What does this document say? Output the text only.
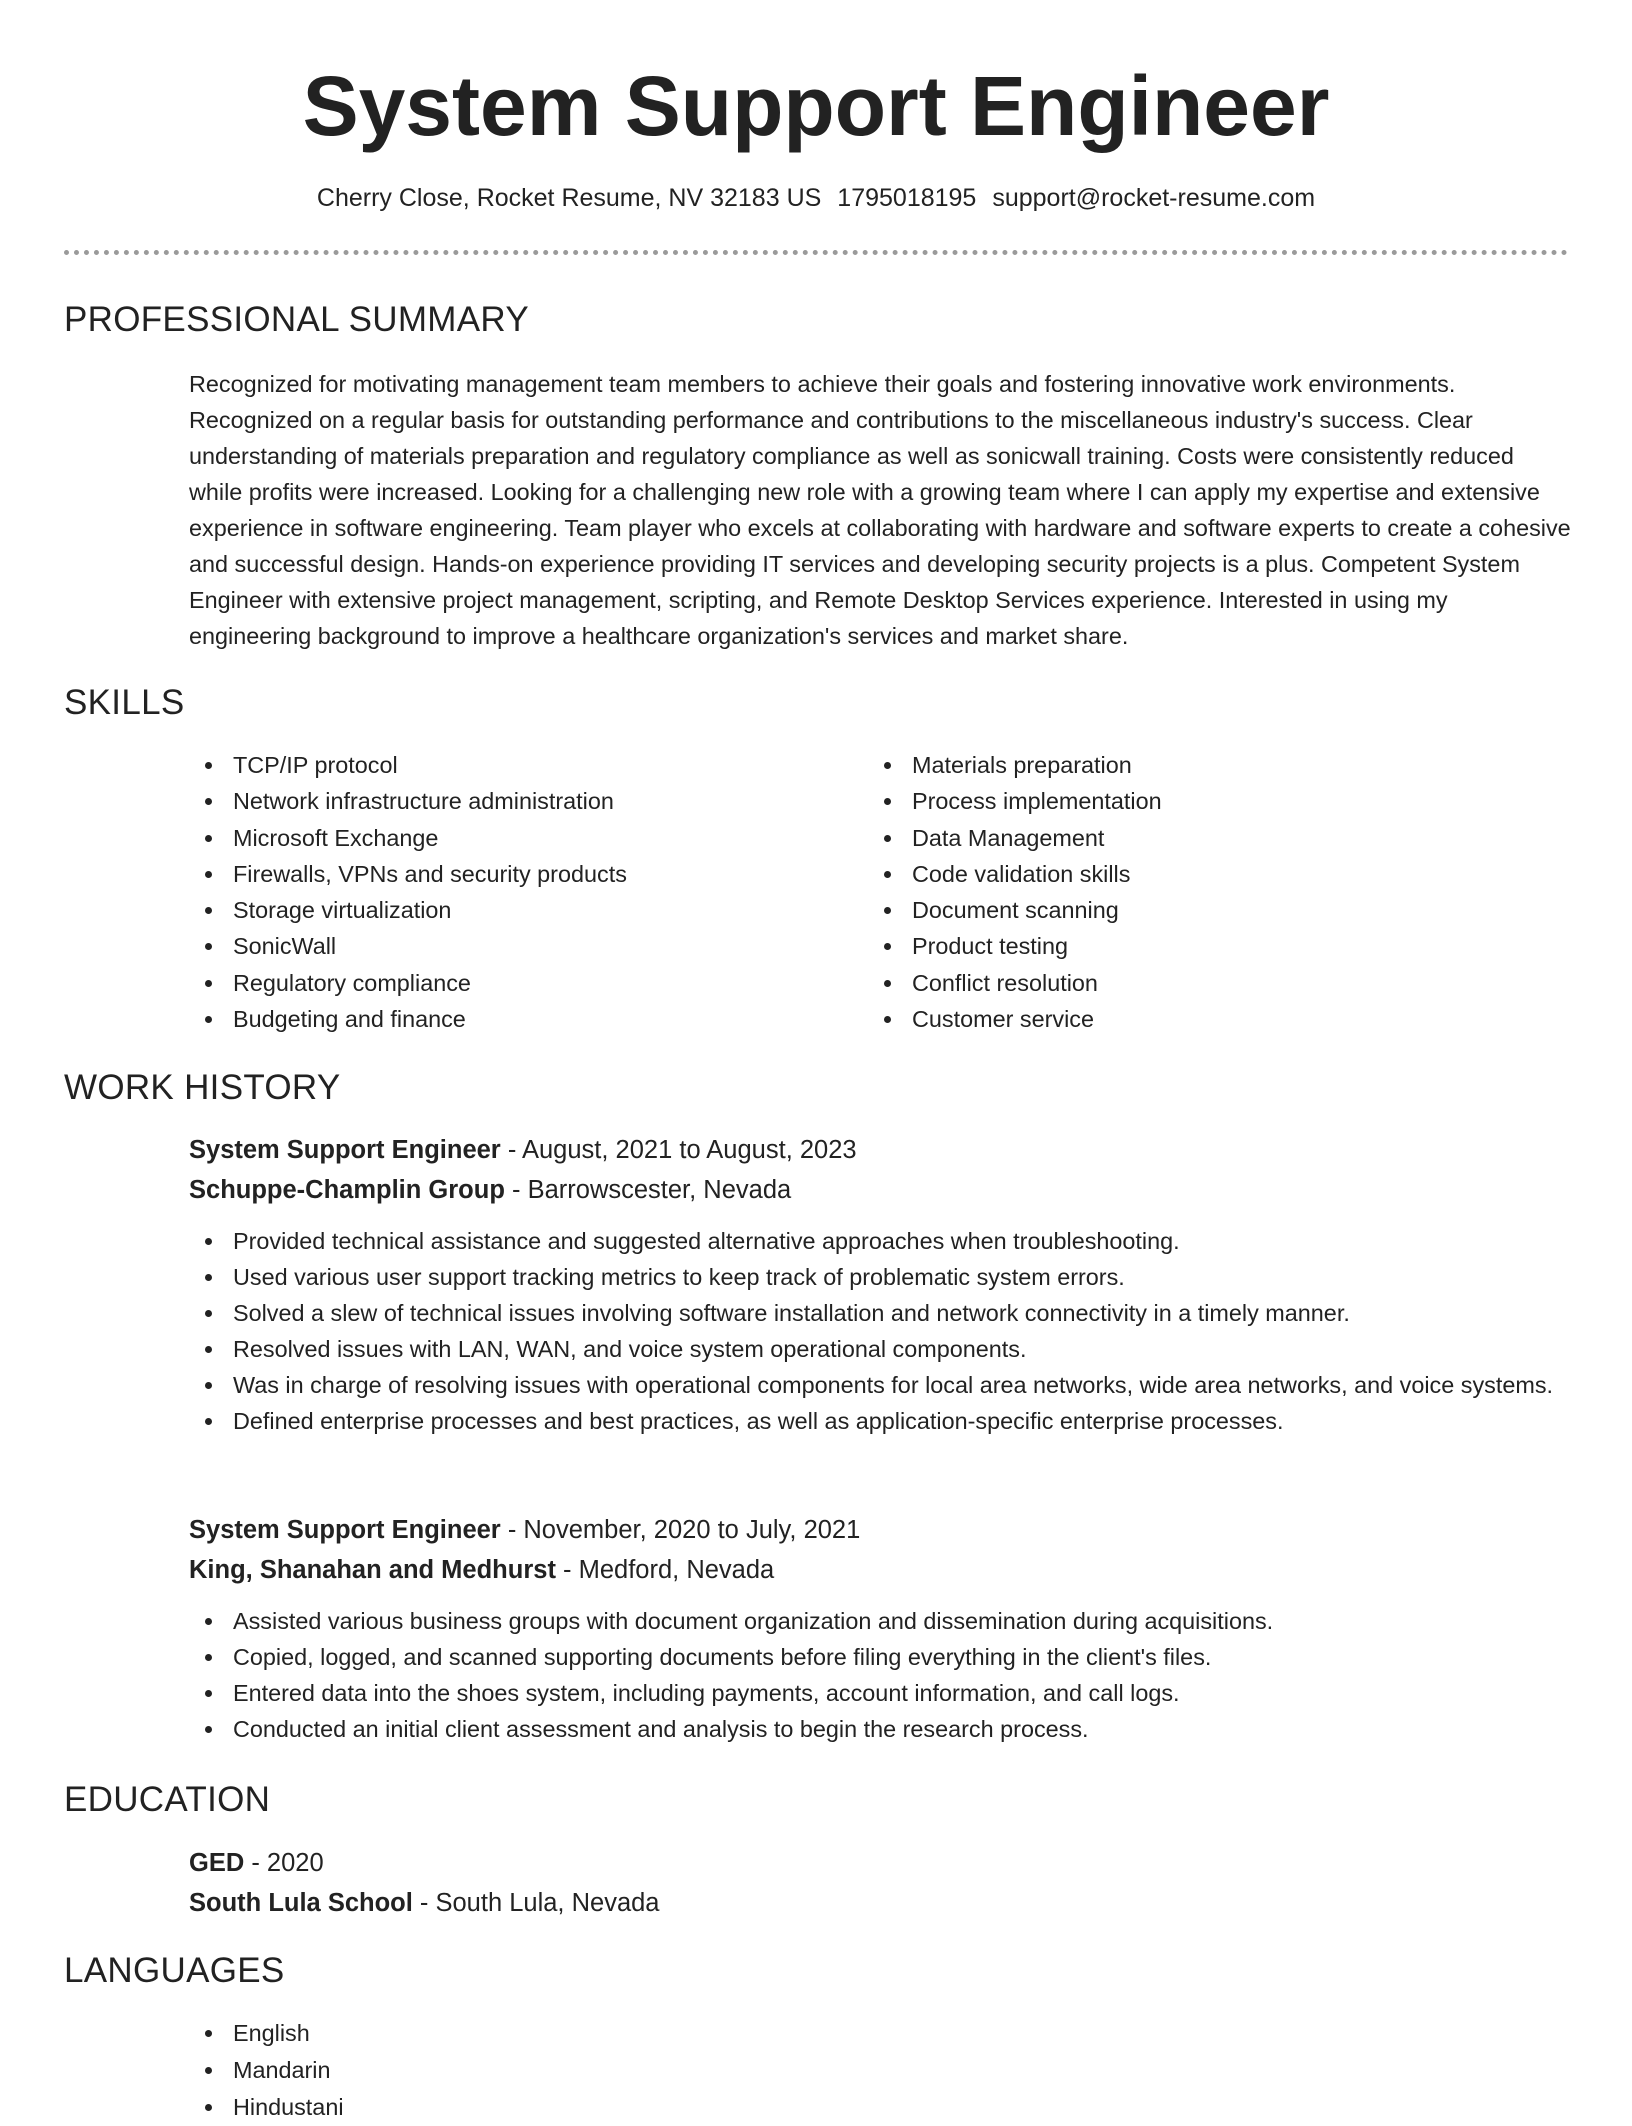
System Support Engineer
Cherry Close, Rocket Resume, NV 32183 US 1795018195 support@rocket-resume.com
PROFESSIONAL SUMMARY

Recognized for motivating management team members to achieve their goals and fostering innovative work environments. Recognized on a regular basis for outstanding performance and contributions to the miscellaneous industry's success. Clear understanding of materials preparation and regulatory compliance as well as sonicwall training. Costs were consistently reduced while profits were increased. Looking for a challenging new role with a growing team where I can apply my expertise and extensive experience in software engineering. Team player who excels at collaborating with hardware and software experts to create a cohesive and successful design. Hands-on experience providing IT services and developing security projects is a plus. Competent System Engineer with extensive project management, scripting, and Remote Desktop Services experience. Interested in using my engineering background to improve a healthcare organization's services and market share.

SKILLS
TCP/IP protocol
Network infrastructure administration
Microsoft Exchange
Firewalls, VPNs and security products
Storage virtualization
SonicWall
Regulatory compliance
Budgeting and finance
Materials preparation
Process implementation
Data Management
Code validation skills
Document scanning
Product testing
Conflict resolution
Customer service
WORK HISTORY

System Support Engineer - August, 2021 to August, 2023

Schuppe-Champlin Group - Barrowscester, Nevada

Provided technical assistance and suggested alternative approaches when troubleshooting.
Used various user support tracking metrics to keep track of problematic system errors.
Solved a slew of technical issues involving software installation and network connectivity in a timely manner.
Resolved issues with LAN, WAN, and voice system operational components.
Was in charge of resolving issues with operational components for local area networks, wide area networks, and voice systems.
Defined enterprise processes and best practices, as well as application-specific enterprise processes.

System Support Engineer - November, 2020 to July, 2021

King, Shanahan and Medhurst - Medford, Nevada

Assisted various business groups with document organization and dissemination during acquisitions.
Copied, logged, and scanned supporting documents before filing everything in the client's files.
Entered data into the shoes system, including payments, account information, and call logs.
Conducted an initial client assessment and analysis to begin the research process.
EDUCATION

GED - 2020

South Lula School - South Lula, Nevada

LANGUAGES
English
Mandarin
Hindustani
